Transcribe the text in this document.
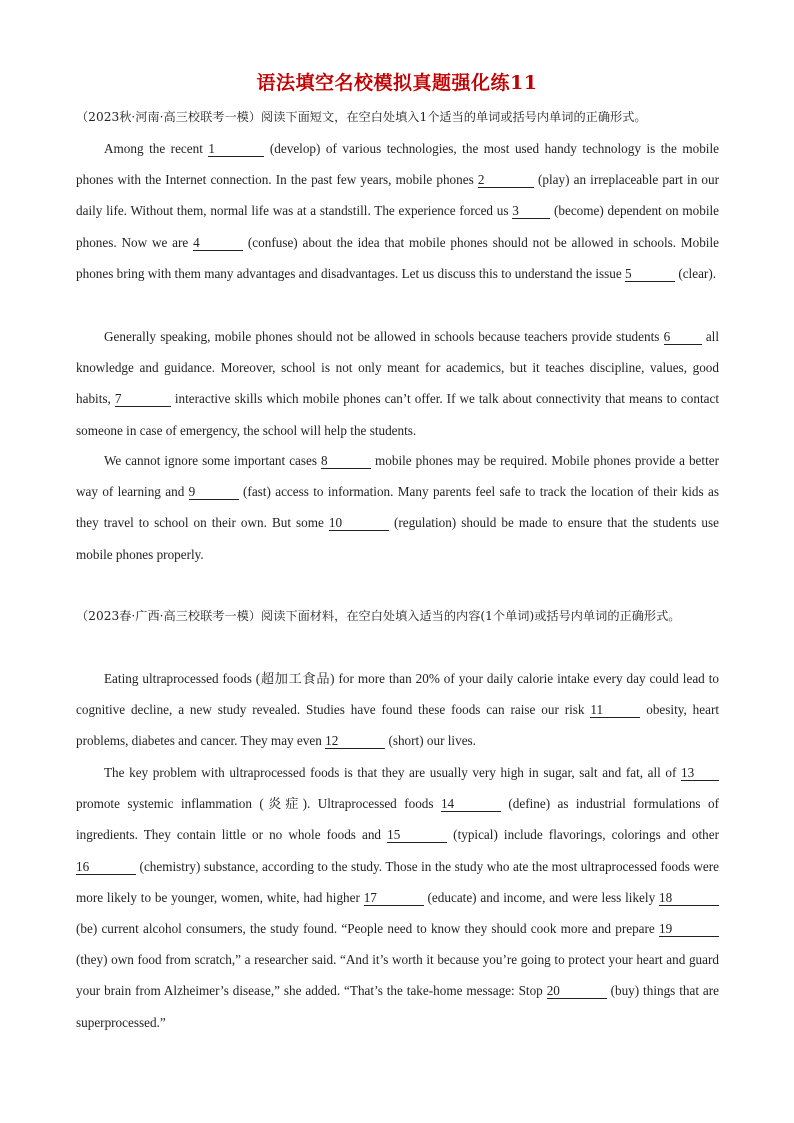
语法填空名校模拟真题强化练11
（2023秋·河南·高三校联考一模）阅读下面短文，在空白处填入1个适当的单词或括号内单词的正确形式。
Among the recent 1	(develop) of various technologies, the most used handy technology is the mobile phones with the Internet connection. In the past few years, mobile phones 2	(play) an irreplaceable part in our daily life. Without them, normal life was at a standstill. The experience forced us 3 (become) dependent on mobile phones. Now we are 4	(confuse) about the idea that mobile phones should not be allowed in schools. Mobile phones bring with them many advantages and disadvantages. Let us discuss this to understand the issue 5	(clear).
Generally speaking, mobile phones should not be allowed in schools because teachers provide students 6 all knowledge and guidance. Moreover, school is not only meant for academics, but it teaches discipline, values, good habits, 7	interactive skills which mobile phones can’t offer. If we talk about connectivity that means to contact someone in case of emergency, the school will help the students.
We cannot ignore some important cases 8	mobile phones may be required. Mobile phones provide a better way of learning and 9	(fast) access to information. Many parents feel safe to track the location of their kids as they travel to school on their own. But some 10	(regulation) should be made to ensure that the students use mobile phones properly.
（2023春·广西·高三校联考一模）阅读下面材料，在空白处填入适当的内容(1个单词)或括号内单词的正确形式。
Eating ultraprocessed foods (超加工食品) for more than 20% of your daily calorie intake every day could lead to cognitive decline, a new study revealed. Studies have found these foods can raise our risk 11	obesity, heart problems, diabetes and cancer. They may even 12	(short) our lives.
The key problem with ultraprocessed foods is that they are usually very high in sugar, salt and fat, all of 13 promote systemic inflammation (炎症). Ultraprocessed foods 14	(define) as industrial formulations of ingredients. They contain little or no whole foods and 15	(typical) include flavorings, colorings and other 16	(chemistry) substance, according to the study. Those in the study who ate the most ultraprocessed foods were more likely to be younger, women, white, had higher 17	(educate) and income, and were less likely 18 (be) current alcohol consumers, the study found. “People need to know they should cook more and prepare 19 (they) own food from scratch,” a researcher said. “And it’s worth it because you’re going to protect your heart and guard your brain from Alzheimer’s disease,” she added. “That’s the take-home message: Stop 20	(buy) things that are superprocessed.”
